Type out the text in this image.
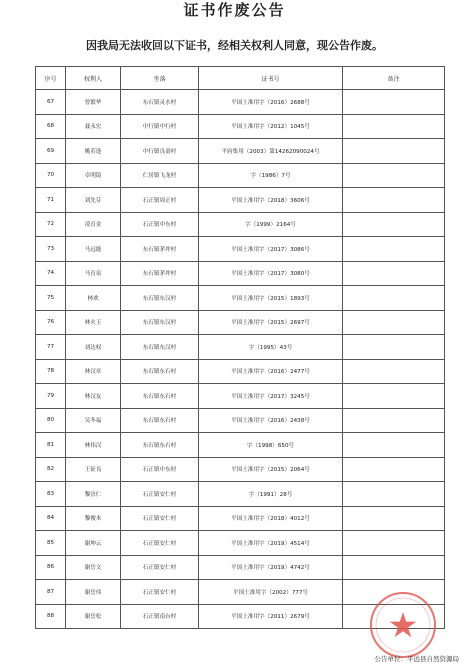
证书作废公告
因我局无法收回以下证书，经相关权利人同意，现公告作废。
序号	权利人	坐落	证书号	备注
67	曾繁华	东石镇灵水村	平国土准用字（2016）2688号	
68	聂永宏	中行镇中行村	平国土准用字（2012）1045号	
69	姚若逢	中行镇良畲村	平府集用（2003）第14262090024号	
70	卓明镜	仁居镇飞龙村	字（1986）7号	
71	刘先芬	石正镇周正村	平国土准用字（2018）3606号	
72	凌育金	石正镇中东村	字（1999）2164号	
73	马远能	东石镇茅坪村	平国土准用字（2017）3086号	
74	马育泉	东石镇茅坪村	平国土准用字（2017）3080号	
75	林欢	东石镇东汉村	平国土准用字（2015）1893号	
76	林火玉	东石镇东汉村	平国土准用字（2015）2697号	
77	刘达权	东石镇东汉村	字（1995）43号	
78	林汉章	东石镇东石村	平国土准用字（2016）2477号	
79	林汉友	东石镇东石村	平国土准用字（2017）3245号	
80	吴冬福	东石镇东石村	平国土准用字（2016）2438号	
81	林伟汉	东石镇东石村	字（1998）650号	
82	王钲良	石正镇中东村	平国土准用字（2015）2064号	
83	黎崇仁	石正镇安仁村	字（1991）28号	
84	黎俊本	石正镇安仁村	平国土准用字（2018）4012号	
85	谢坤云	石正镇安仁村	平国土准用字（2019）4514号	
86	谢岳文	石正镇安仁村	平国土准用字（2019）4742号	
87	谢岳伟	石正镇安仁村	平国土准用字（2002）777号	
88	谢岳松	石正镇南台村	平国土准用字（2011）2679号	
公告单位：平远县自然资源局
